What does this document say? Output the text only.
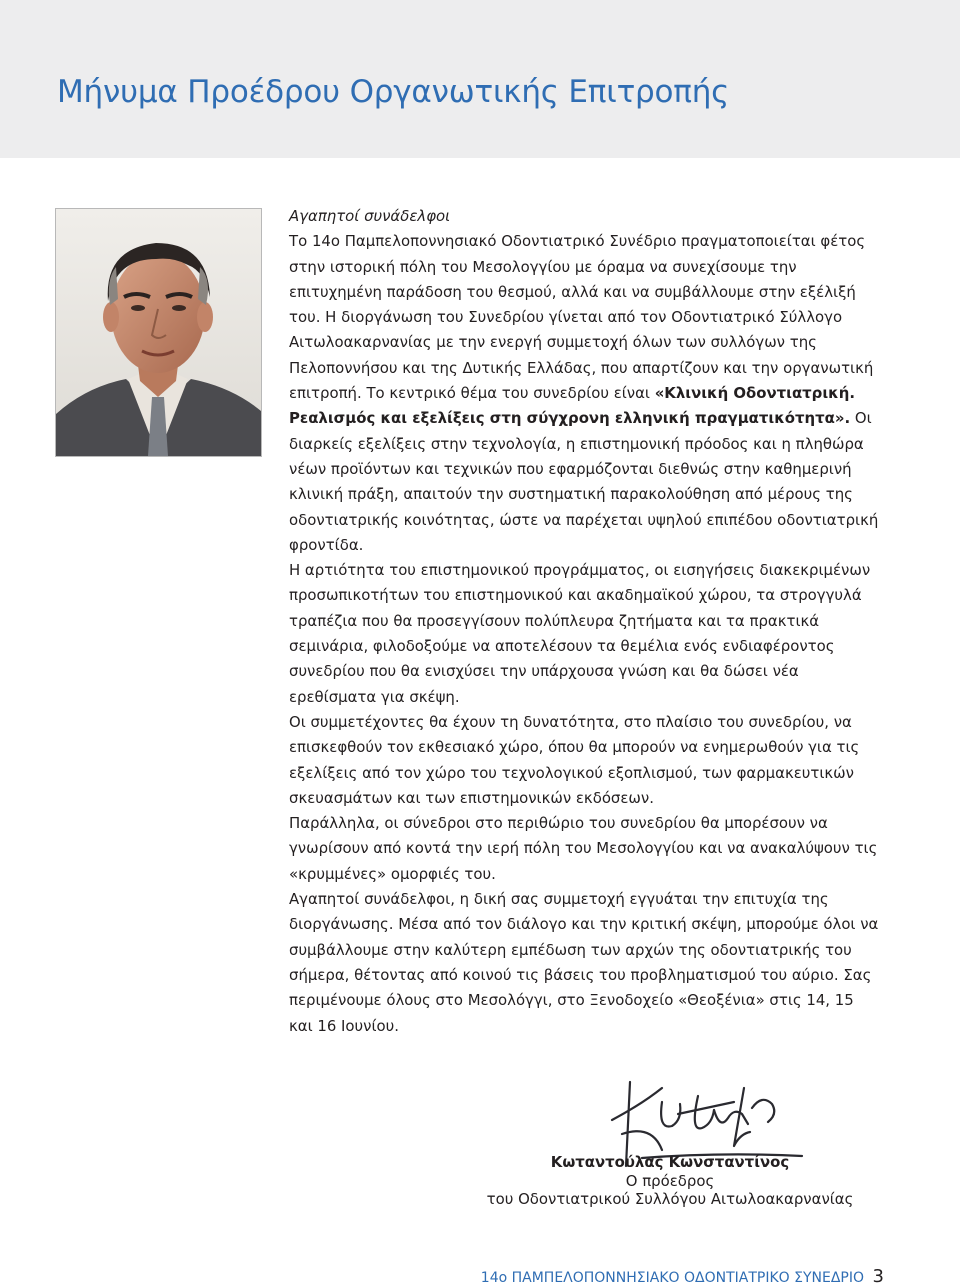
Μήνυμα Προέδρου Οργανωτικής Επιτροπής

Αγαπητοί συνάδελφοι

Το 14ο Παμπελοποννησιακό Οδοντιατρικό Συνέδριο πραγματοποιείται φέτος στην ιστορική πόλη του Μεσολογγίου με όραμα να συνεχίσουμε την επιτυχημένη παράδοση του θεσμού, αλλά και να συμβάλλουμε στην εξέλιξή του. Η διοργάνωση του Συνεδρίου γίνεται από τον Οδοντιατρικό Σύλλογο Αιτωλοακαρνανίας με την ενεργή συμμετοχή όλων των συλλόγων της Πελοποννήσου και της Δυτικής Ελλάδας, που απαρτίζουν και την οργανωτική επιτροπή. Το κεντρικό θέμα του συνεδρίου είναι «Κλινική Οδοντιατρική. Ρεαλισμός και εξελίξεις στη σύγχρονη ελληνική πραγματικότητα». Οι διαρκείς εξελίξεις στην τεχνολογία, η επιστημονική πρόοδος και η πληθώρα νέων προϊόντων και τεχνικών που εφαρμόζονται διεθνώς στην καθημερινή κλινική πράξη, απαιτούν την συστηματική παρακολούθηση από μέρους της οδοντιατρικής κοινότητας, ώστε να παρέχεται υψηλού επιπέδου οδοντιατρική φροντίδα.

Η αρτιότητα του επιστημονικού προγράμματος, οι εισηγήσεις διακεκριμένων προσωπικοτήτων του επιστημονικού και ακαδημαϊκού χώρου, τα στρογγυλά τραπέζια που θα προσεγγίσουν πολύπλευρα ζητήματα και τα πρακτικά σεμινάρια, φιλοδοξούμε να αποτελέσουν τα θεμέλια ενός ενδιαφέροντος συνεδρίου που θα ενισχύσει την υπάρχουσα γνώση και θα δώσει νέα ερεθίσματα για σκέψη.

Οι συμμετέχοντες θα έχουν τη δυνατότητα, στο πλαίσιο του συνεδρίου, να επισκεφθούν τον εκθεσιακό χώρο, όπου θα μπορούν να ενημερωθούν για τις εξελίξεις από τον χώρο του τεχνολογικού εξοπλισμού, των φαρμακευτικών σκευασμάτων και των επιστημονικών εκδόσεων.

Παράλληλα, οι σύνεδροι στο περιθώριο του συνεδρίου θα μπορέσουν να γνωρίσουν από κοντά την ιερή πόλη του Μεσολογγίου και να ανακαλύψουν τις «κρυμμένες» ομορφιές του.

Αγαπητοί συνάδελφοι, η δική σας συμμετοχή εγγυάται την επιτυχία της διοργάνωσης. Μέσα από τον διάλογο και την κριτική σκέψη, μπορούμε όλοι να συμβάλλουμε στην καλύτερη εμπέδωση των αρχών της οδοντιατρικής του σήμερα, θέτοντας από κοινού τις βάσεις του προβληματισμού του αύριο. Σας περιμένουμε όλους στο Μεσολόγγι, στο Ξενοδοχείο «Θεοξένια» στις 14, 15 και 16 Ιουνίου.

Κωταντούλας Κωνσταντίνος
Ο πρόεδρος
του Οδοντιατρικού Συλλόγου Αιτωλοακαρνανίας
14ο ΠΑΜΠΕΛΟΠΟΝΝΗΣΙΑΚΟ ΟΔΟΝΤΙΑΤΡΙΚΟ ΣΥΝΕΔΡΙΟ 3
